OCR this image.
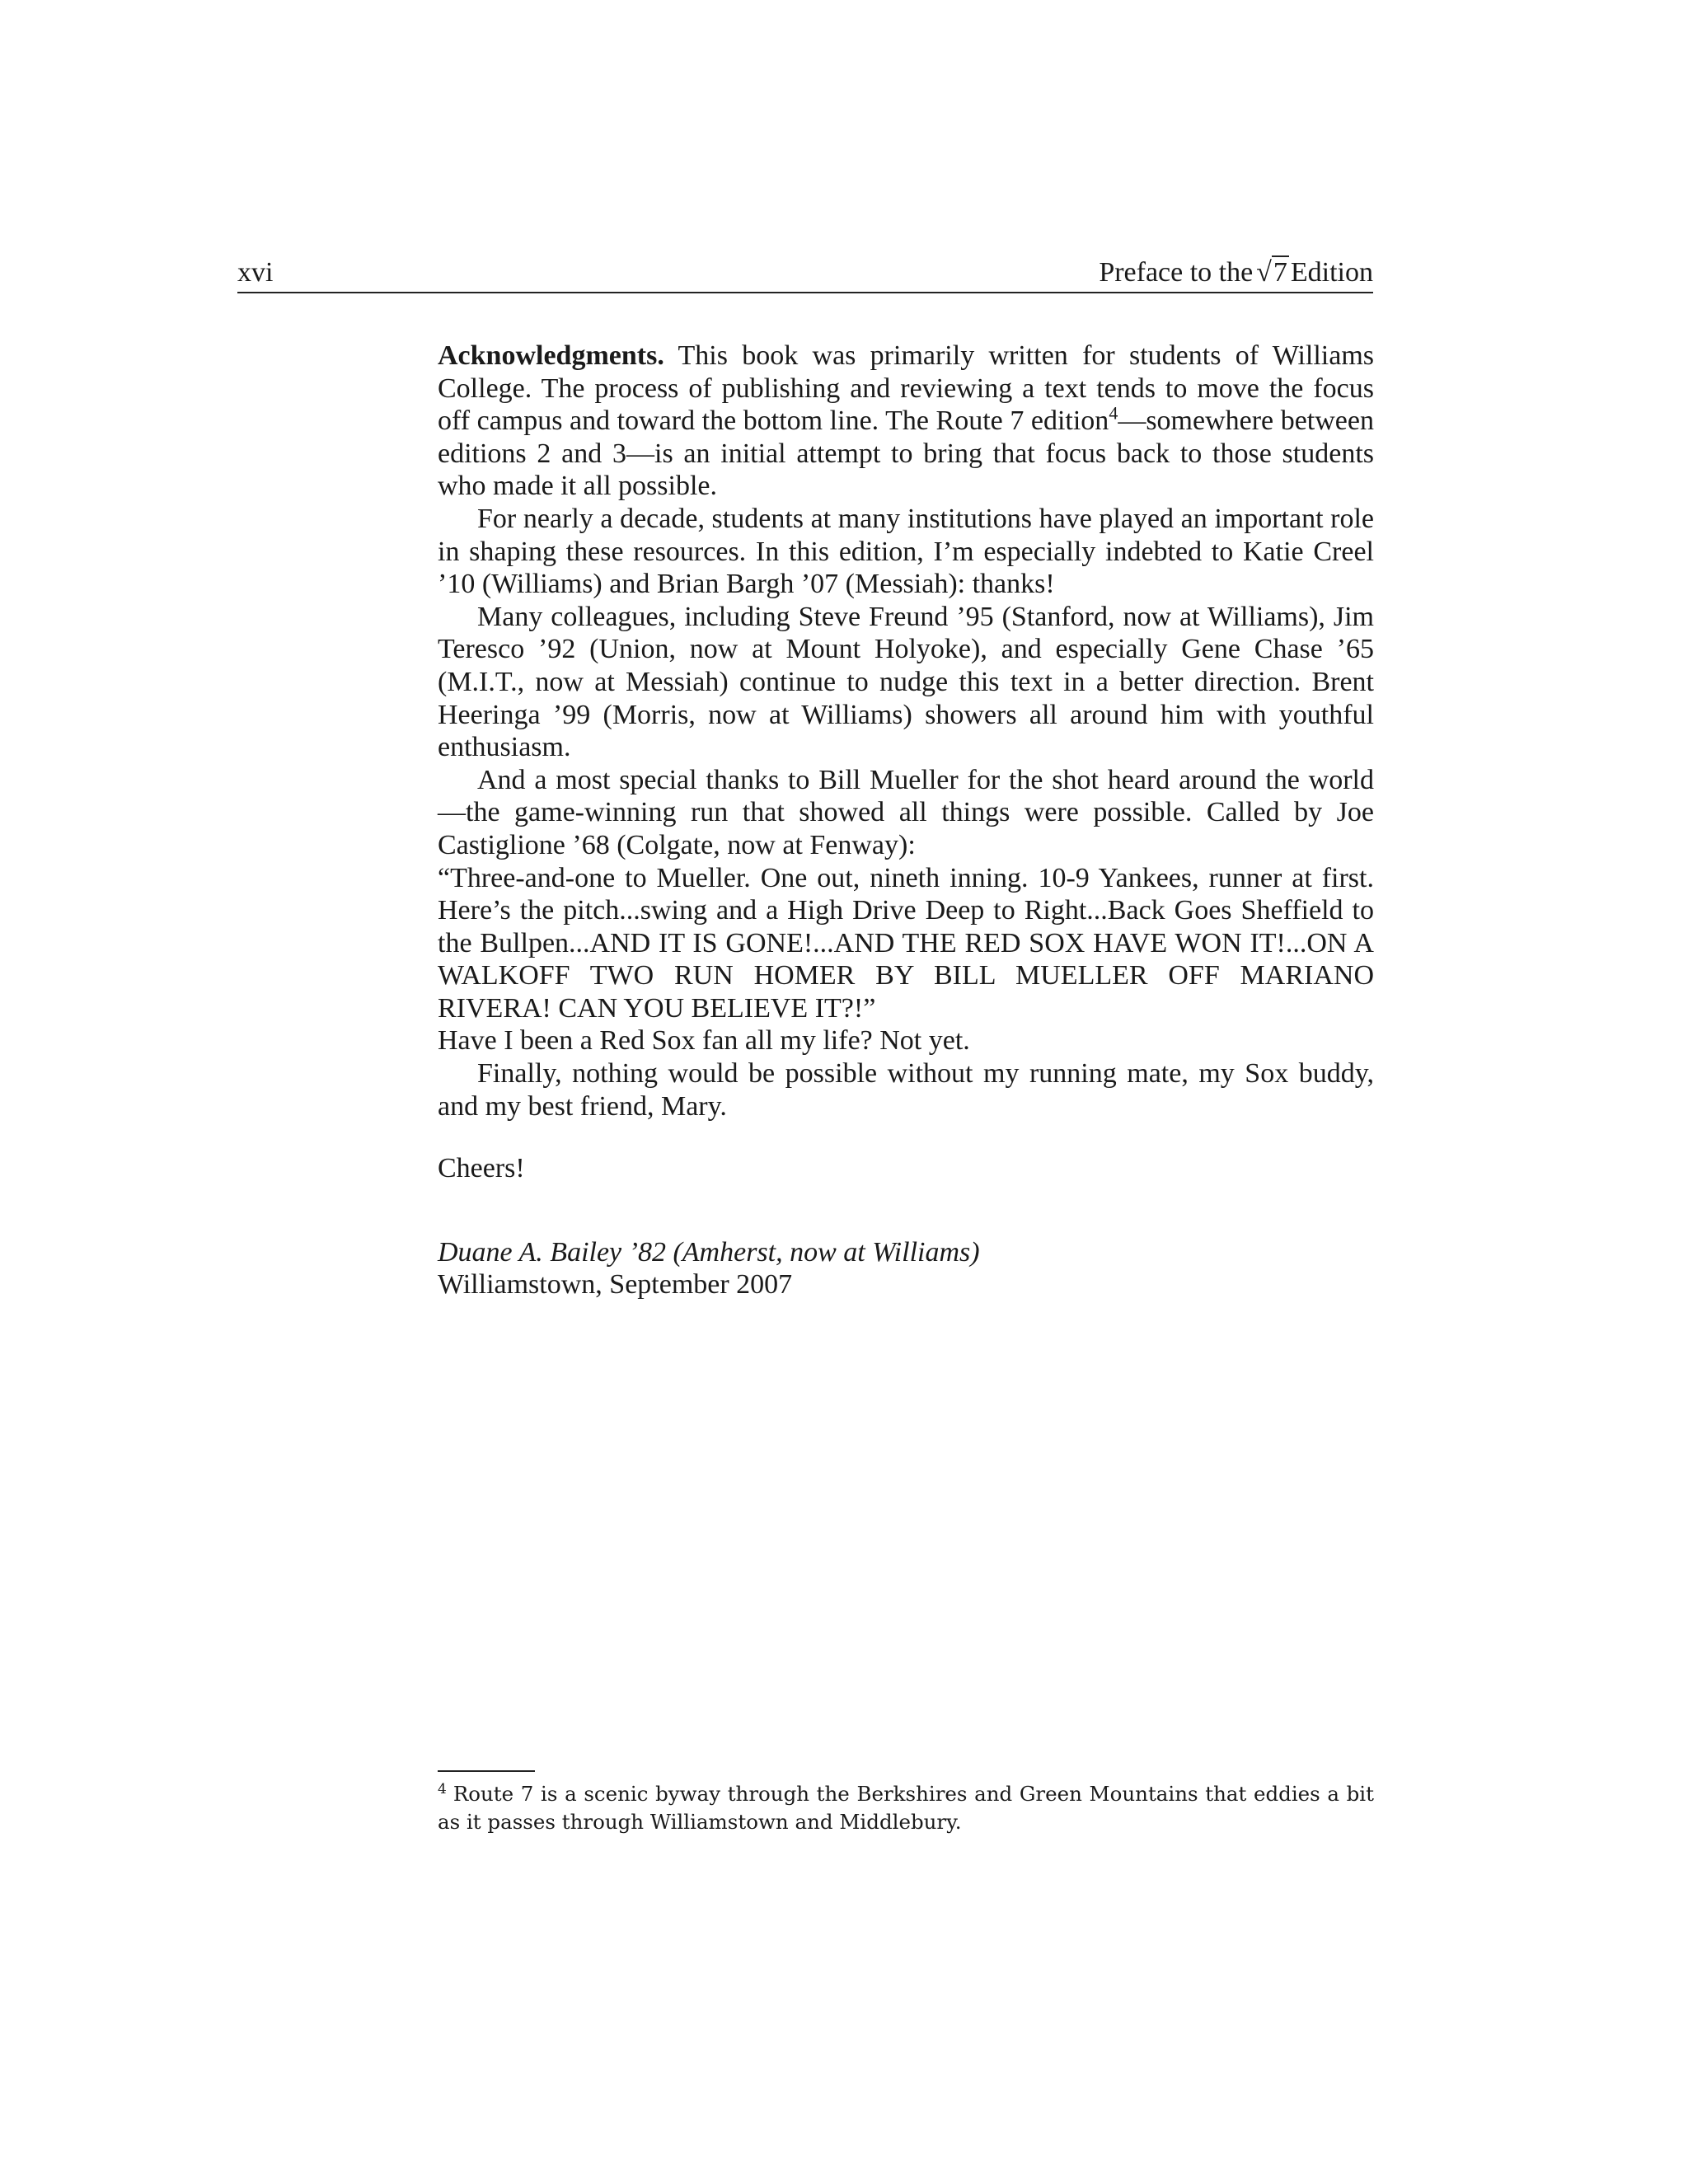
xvi	Preface to the √7 Edition

Acknowledgments. This book was primarily written for students of Williams College. The process of publishing and reviewing a text tends to move the focus off campus and toward the bottom line. The Route 7 edition$^4$—somewhere between editions 2 and 3—is an initial attempt to bring that focus back to those students who made it all possible.

For nearly a decade, students at many institutions have played an important role in shaping these resources. In this edition, I’m especially indebted to Katie Creel ’10 (Williams) and Brian Bargh ’07 (Messiah): thanks!

Many colleagues, including Steve Freund ’95 (Stanford, now at Williams), Jim Teresco ’92 (Union, now at Mount Holyoke), and especially Gene Chase ’65 (M.I.T., now at Messiah) continue to nudge this text in a better direction. Brent Heeringa ’99 (Morris, now at Williams) showers all around him with youthful enthusiasm.

And a most special thanks to Bill Mueller for the shot heard around the world—the game-winning run that showed all things were possible. Called by Joe Castiglione ’68 (Colgate, now at Fenway):

“Three-and-one to Mueller. One out, nineth inning. 10-9 Yankees, runner at first. Here’s the pitch...swing and a High Drive Deep to Right...Back Goes Sheffield to the Bullpen...AND IT IS GONE!...AND THE RED SOX HAVE WON IT!...ON A WALKOFF TWO RUN HOMER BY BILL MUELLER OFF MARIANO RIVERA! CAN YOU BELIEVE IT?!”

Have I been a Red Sox fan all my life? Not yet.

Finally, nothing would be possible without my running mate, my Sox buddy, and my best friend, Mary.

Cheers!

Duane A. Bailey ’82 (Amherst, now at Williams)

Williamstown, September 2007

$^4$ Route 7 is a scenic byway through the Berkshires and Green Mountains that eddies a bit as it passes through Williamstown and Middlebury.
